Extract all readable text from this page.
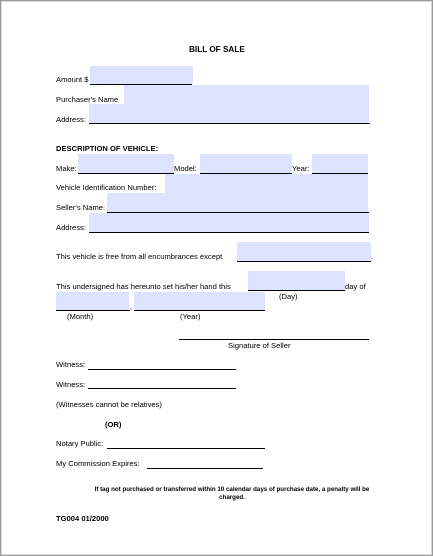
BILL OF SALE
Amount $
Purchaser's Name
Address:
DESCRIPTION OF VEHICLE:
Make:	Model:	Year:
Vehicle Identification Number:
Seller's Name:
Address:
This vehicle is free from all encumbrances except	.
This undersigned has hereunto set his/her hand this	day of
(Day)
,
(Month)	(Year)
Signature of Seller
Witness:
Witness:
(Witnesses cannot be relatives)
(OR)
Notary Public:
My Commission Expires:
If tag not purchased or transferred within 10 calendar days of purchase date, a penalty will be charged.
TG004 01/2000
